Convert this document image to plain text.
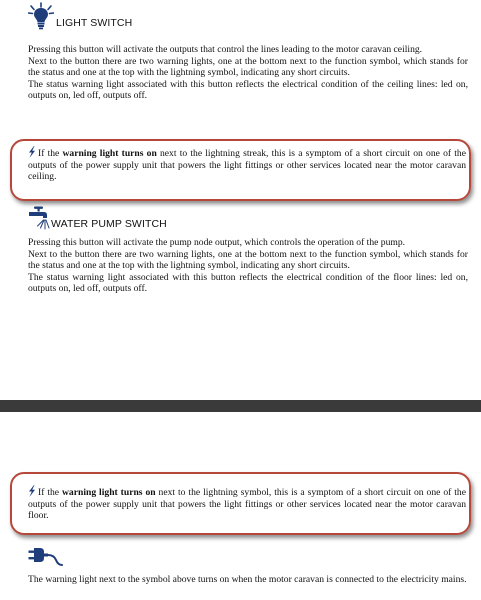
LIGHT SWITCH

Pressing this button will activate the outputs that control the lines leading to the motor caravan ceiling.

Next to the button there are two warning lights, one at the bottom next to the function symbol, which stands for the status and one at the top with the lightning symbol, indicating any short circuits.

The status warning light associated with this button reflects the electrical condition of the ceiling lines: led on, outputs on, led off, outputs off.

If the warning light turns on next to the lightning streak, this is a symptom of a short circuit on one of the outputs of the power supply unit that powers the light fittings or other services located near the motor caravan ceiling.

WATER PUMP SWITCH

Pressing this button will activate the pump node output, which controls the operation of the pump.

Next to the button there are two warning lights, one at the bottom next to the function symbol, which stands for the status and one at the top with the lightning symbol, indicating any short circuits.

The status warning light associated with this button reflects the electrical condition of the floor lines: led on, outputs on, led off, outputs off.

If the warning light turns on next to the lightning symbol, this is a symptom of a short circuit on one of the outputs of the power supply unit that powers the light fittings or other services located near the motor caravan floor.

The warning light next to the symbol above turns on when the motor caravan is connected to the electricity mains.
